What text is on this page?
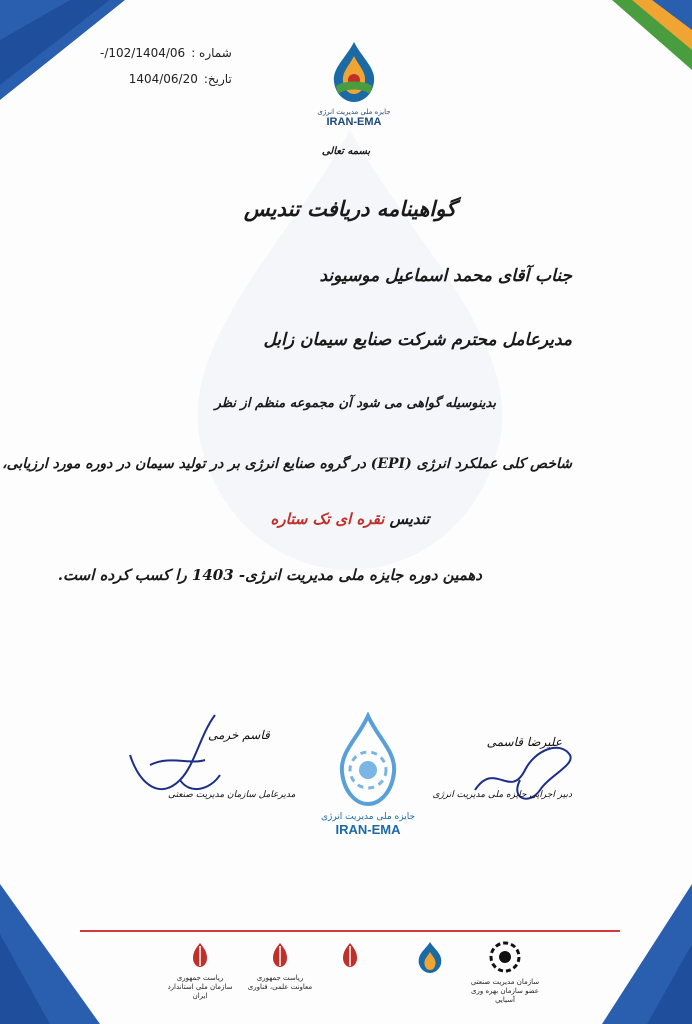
شماره :
102/1404/06/-
تاریخ:
1404/06/20
جایزه ملی مدیریت انرژی
IRAN-EMA
بسمه تعالی
گواهینامه دریافت تندیس
جناب آقای محمد اسماعیل موسیوند
مدیرعامل محترم شرکت صنایع سیمان زابل
بدینوسیله گواهی می شود آن مجموعه منظم از نظر
شاخص کلی عملکرد انرژی (EPI) در گروه صنایع انرژی بر در تولید سیمان در دوره مورد ارزیابی،
تندیس نقره ای تک ستاره
دهمین دوره جایزه ملی مدیریت انرژی- 1403 را کسب کرده است.
علیرضا قاسمی
دبیر اجرایی جایزه ملی مدیریت انرژی
قاسم خرمی
مدیرعامل سازمان مدیریت صنعتی
جایزه ملی مدیریت انرژی
IRAN-EMA
ریاست جمهوری
سازمان ملی استاندارد ایران
ریاست جمهوری
معاونت علمی، فناوری
سازمان مدیریت صنعتی
عضو سازمان بهره وری آسیایی
